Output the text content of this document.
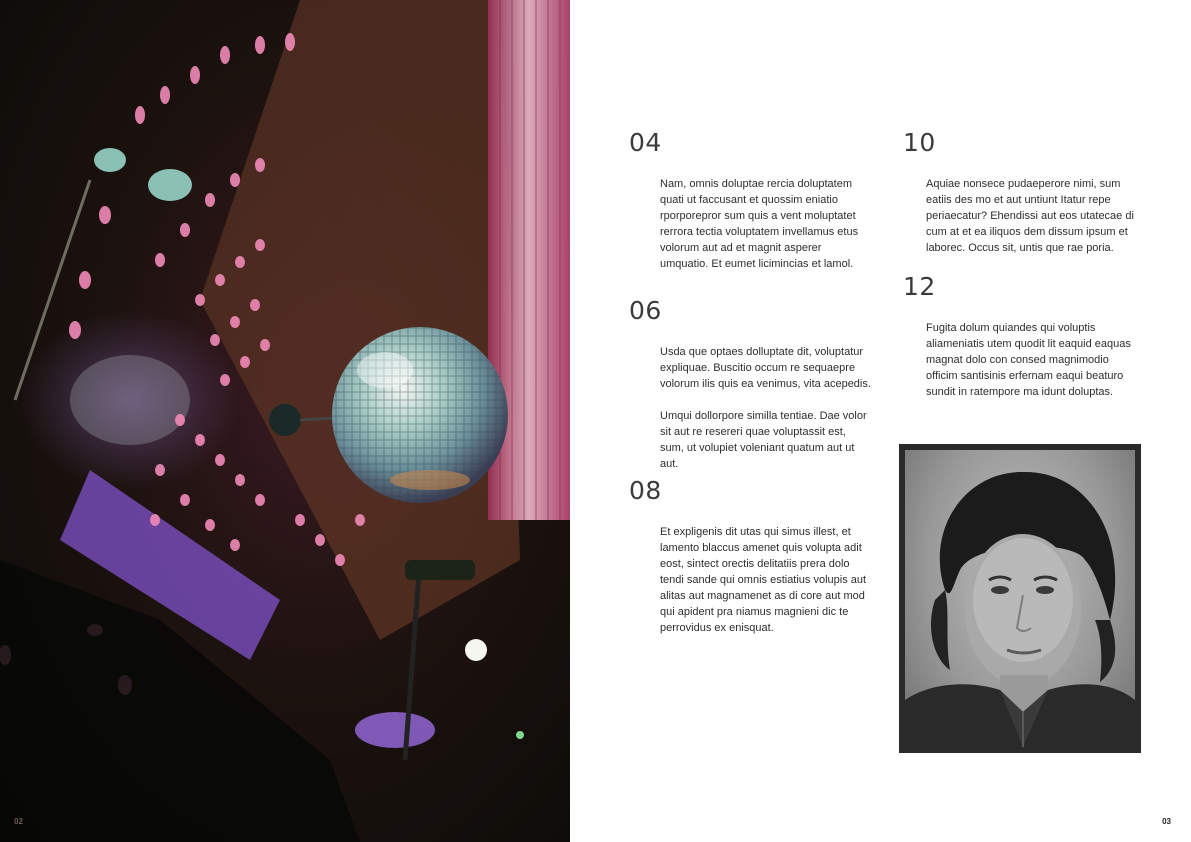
02
04

Nam, omnis doluptae rercia doluptatem quati ut faccusant et quossim eniatio rporporepror sum quis a vent moluptatet rerrora tectia voluptatem invellamus etus volorum aut ad et magnit asperer umquatio. Et eumet licimincias et lamol.

06

Usda que optaes dolluptate dit, voluptatur expliquae. Buscitio occum re sequaepre volorum ilis quis ea venimus, vita acepedis.

Umqui dollorpore similla tentiae. Dae volor sit aut re resereri quae voluptassit est, sum, ut volupiet voleniant quatum aut ut aut.

08

Et expligenis dit utas qui simus illest, et lamento blaccus amenet quis volupta adit eost, sintect orectis delitatiis prera dolo tendi sande qui omnis estiatius volupis aut alitas aut magnamenet as di core aut mod qui apident pra niamus magnieni dic te perrovidus ex enisquat.

10

Aquiae nonsece pudaeperore nimi, sum eatiis des mo et aut untiunt Itatur repe periaecatur? Ehendissi aut eos utatecae di cum at et ea iliquos dem dissum ipsum et laborec. Occus sit, untis que rae poria.

12

Fugita dolum quiandes qui voluptis aliameniatis utem quodit lit eaquid eaquas magnat dolo con consed magnimodio officim santisinis erfernam eaqui beaturo sundit in ratempore ma idunt doluptas.

03
